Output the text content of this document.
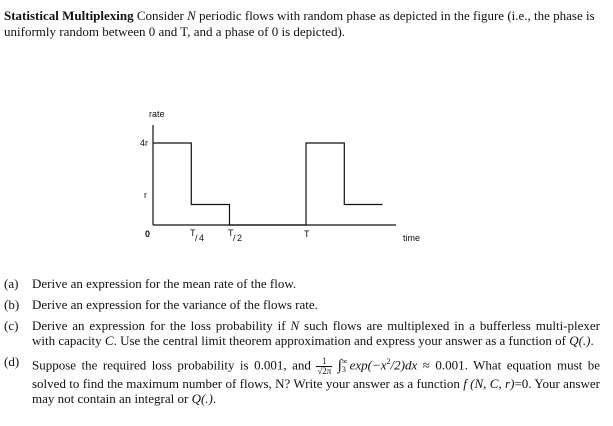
Statistical Multiplexing Consider N periodic flows with random phase as depicted in the figure (i.e., the phase is uniformly random between 0 and T, and a phase of 0 is depicted).
rate
time
4r
r
0	T / 4	T / 2	T
(a) Derive an expression for the mean rate of the flow.
(b) Derive an expression for the variance of the flows rate.
(c) Derive an expression for the loss probability if N such flows are multiplexed in a bufferless multi-plexer with capacity C. Use the central limit theorem approximation and express your answer as a function of Q(.).
(d) Suppose the required loss probability is 0.001, and $\frac{1}{√2\pi}$ ∫ ∞
3 $\exp(-x^2/2)dx \approx 0.001$. What equation must be solved to find the maximum number of flows, N? Write your answer as a function f (N, C, r)=0. Your answer may not contain an integral or Q(.).
